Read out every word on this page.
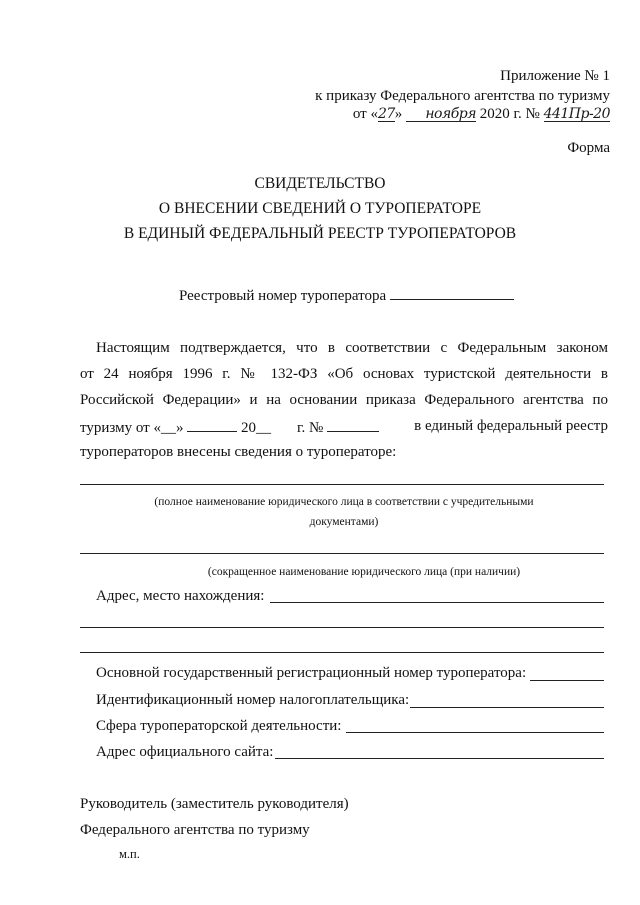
Приложение № 1
к приказу Федерального агентства по туризму
от «27» ноября 2020 г. № 441Пр-20
Форма
СВИДЕТЕЛЬСТВО
О ВНЕСЕНИИ СВЕДЕНИЙ О ТУРОПЕРАТОРЕ
В ЕДИНЫЙ ФЕДЕРАЛЬНЫЙ РЕЕСТР ТУРОПЕРАТОРОВ
Реестровый номер туроператора
Настоящим подтверждается, что в соответствии с Федеральным законом
от 24 ноября 1996 г. № 132-ФЗ «Об основах туристской деятельности в
Российской Федерации» и на основании приказа Федерального агентства по
туризму от «__»	20__ г. №	в единый федеральный реестр
туроператоров внесены сведения о туроператоре:
(полное наименование юридического лица в соответствии с учредительными
документами)
(сокращенное наименование юридического лица (при наличии)
Адрес, место нахождения:
Основной государственный регистрационный номер туроператора:
Идентификационный номер налогоплательщика:
Сфера туроператорской деятельности:
Адрес официального сайта:
Руководитель (заместитель руководителя)
Федерального агентства по туризму
м.п.
